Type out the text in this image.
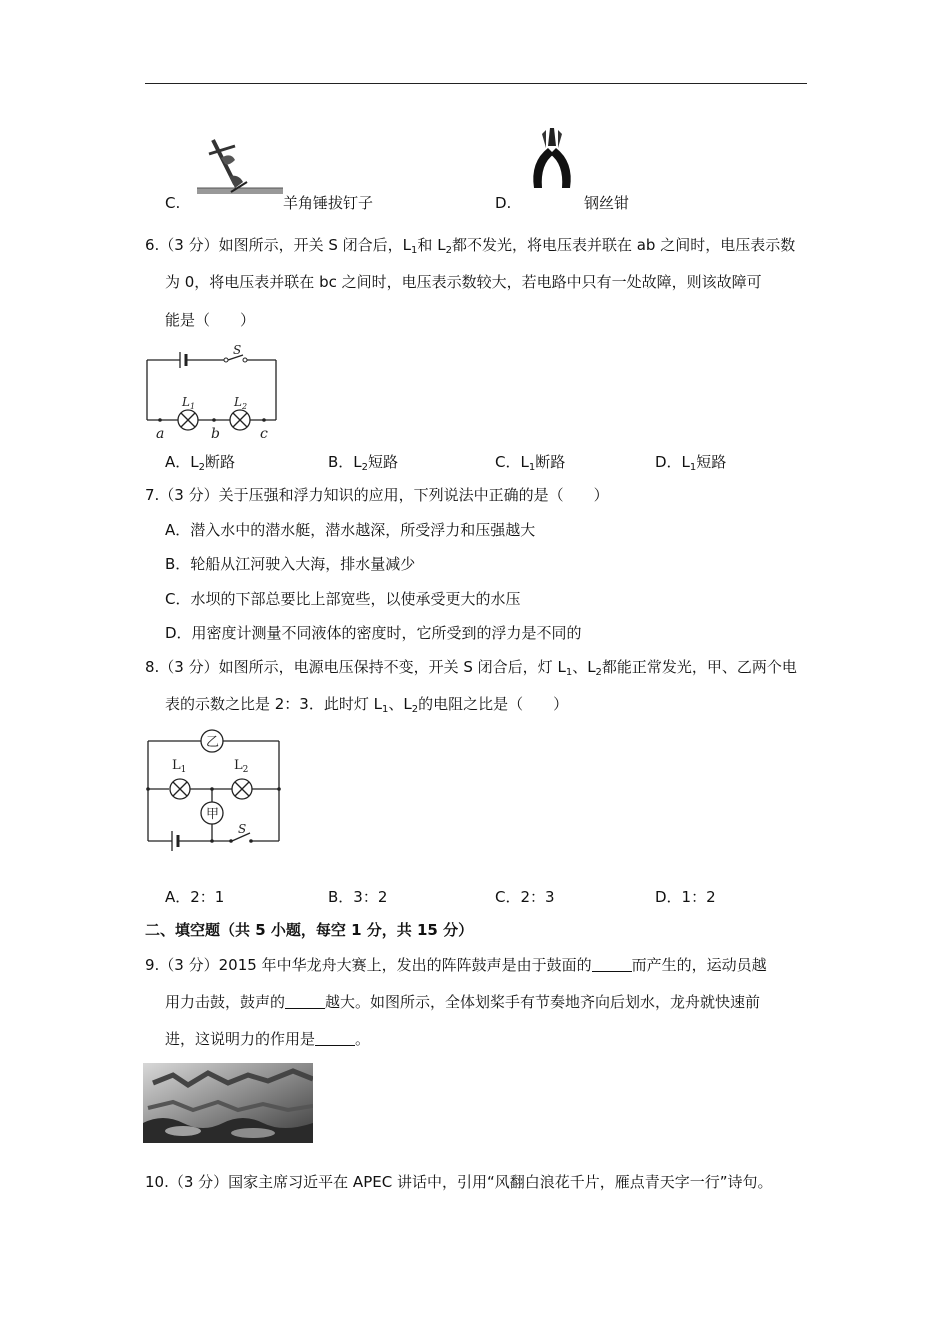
C.	羊角锤拔钉子	D.	钢丝钳
6.（3 分）如图所示，开关 S 闭合后，$L_1$和 $L_2$都不发光，将电压表并联在 ab 之间时，电压表示数
为 0，将电压表并联在 bc 之间时，电压表示数较大，若电路中只有一处故障，则该故障可
能是（　　）
S
$L_1$	$L_2$
a	b	c
A．$L_2$断路	B．$L_2$短路	C．$L_1$断路	D．$L_1$短路
7.（3 分）关于压强和浮力知识的应用，下列说法中正确的是（　　）
A．潜入水中的潜水艇，潜水越深，所受浮力和压强越大
B．轮船从江河驶入大海，排水量减少
C．水坝的下部总要比上部宽些，以使承受更大的水压
D．用密度计测量不同液体的密度时，它所受到的浮力是不同的
8.（3 分）如图所示，电源电压保持不变，开关 S 闭合后，灯 $L_1$、$L_2$都能正常发光，甲、乙两个电
表的示数之比是 2：3．此时灯 $L_1$、$L_2$的电阻之比是（　　）
乙
甲
$L_1$	$L_2$
S
A．2：1	B．3：2	C．2：3	D．1：2
二、填空题（共 5 小题，每空 1 分，共 15 分）
9.（3 分）2015 年中华龙舟大赛上，发出的阵阵鼓声是由于鼓面的	而产生的，运动员越
用力击鼓，鼓声的	越大。如图所示，全体划桨手有节奏地齐向后划水，龙舟就快速前
进，这说明力的作用是	。
10.（3 分）国家主席习近平在 APEC 讲话中，引用“风翻白浪花千片，雁点青天字一行”诗句。
